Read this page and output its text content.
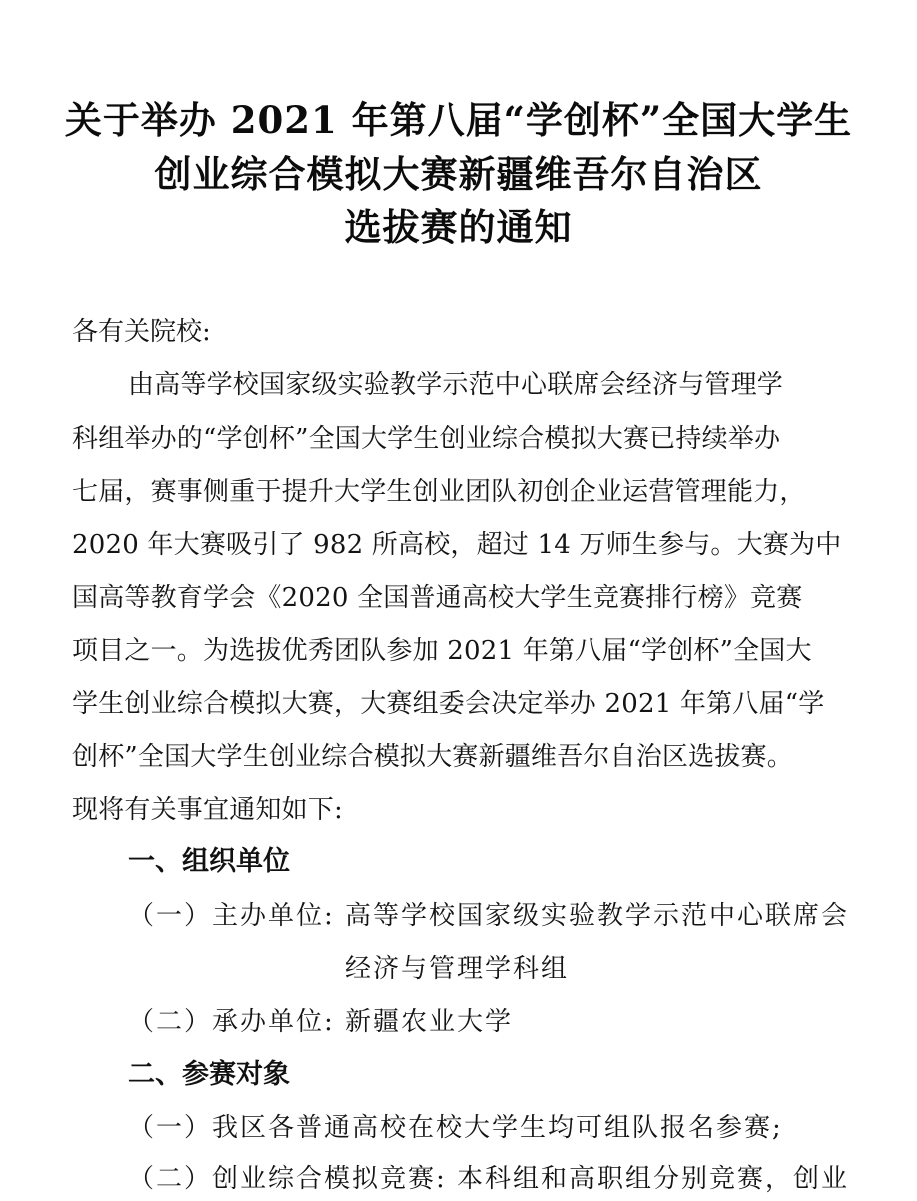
关于举办 2021 年第八届“学创杯”全国大学生
创业综合模拟大赛新疆维吾尔自治区
选拔赛的通知
各有关院校:
由高等学校国家级实验教学示范中心联席会经济与管理学
科组举办的“学创杯”全国大学生创业综合模拟大赛已持续举办
七届，赛事侧重于提升大学生创业团队初创企业运营管理能力，
2020 年大赛吸引了 982 所高校，超过 14 万师生参与。大赛为中
国高等教育学会《2020 全国普通高校大学生竞赛排行榜》竞赛
项目之一。为选拔优秀团队参加 2021 年第八届“学创杯”全国大
学生创业综合模拟大赛，大赛组委会决定举办 2021 年第八届“学
创杯”全国大学生创业综合模拟大赛新疆维吾尔自治区选拔赛。
现将有关事宜通知如下:
一、组织单位
（一）主办单位: 高等学校国家级实验教学示范中心联席会
经济与管理学科组
（二）承办单位: 新疆农业大学
二、参赛对象
（一）我区各普通高校在校大学生均可组队报名参赛;
（二）创业综合模拟竞赛: 本科组和高职组分别竞赛，创业
